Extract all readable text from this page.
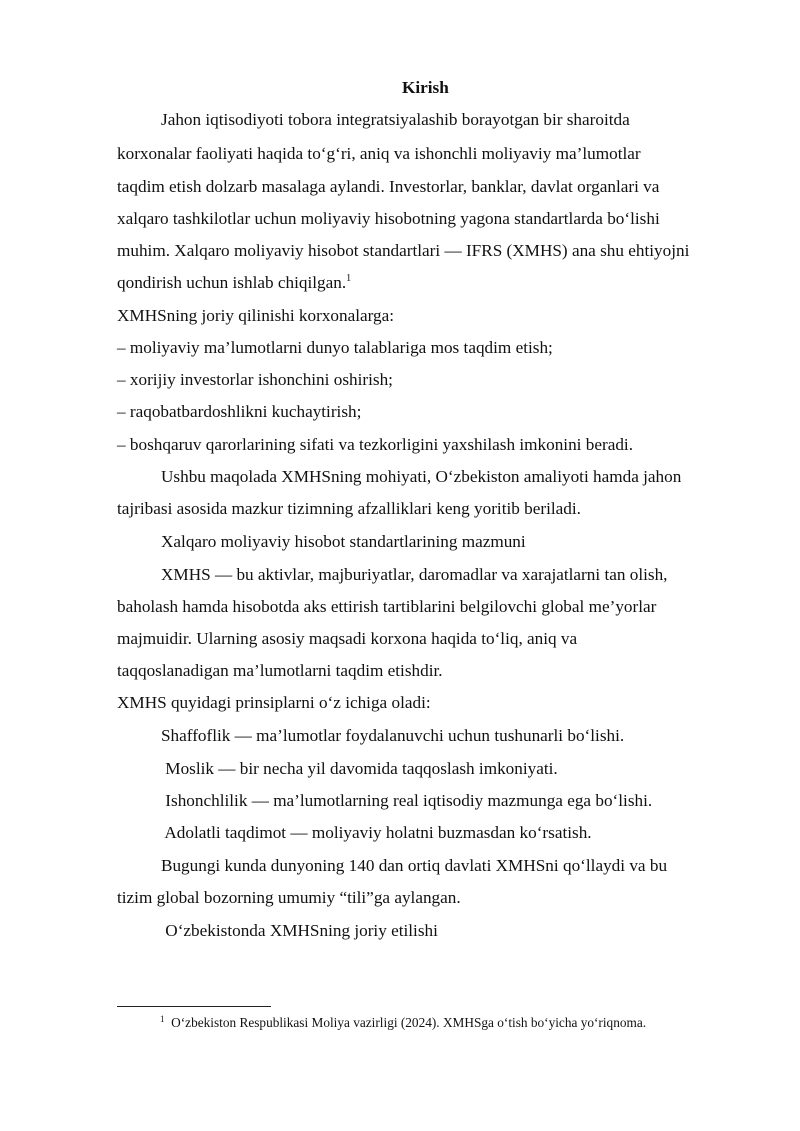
Kirish
Jahon iqtisodiyoti tobora integratsiyalashib borayotgan bir sharoitda
korxonalar faoliyati haqida to‘g‘ri, aniq va ishonchli moliyaviy ma’lumotlar
taqdim etish dolzarb masalaga aylandi. Investorlar, banklar, davlat organlari va
xalqaro tashkilotlar uchun moliyaviy hisobotning yagona standartlarda bo‘lishi
muhim. Xalqaro moliyaviy hisobot standartlari — IFRS (XMHS) ana shu ehtiyojni
qondirish uchun ishlab chiqilgan.$^1$
XMHSning joriy qilinishi korxonalarga:
– moliyaviy ma’lumotlarni dunyo talablariga mos taqdim etish;
– xorijiy investorlar ishonchini oshirish;
– raqobatbardoshlikni kuchaytirish;
– boshqaruv qarorlarining sifati va tezkorligini yaxshilash imkonini beradi.
Ushbu maqolada XMHSning mohiyati, O‘zbekiston amaliyoti hamda jahon
tajribasi asosida mazkur tizimning afzalliklari keng yoritib beriladi.
Xalqaro moliyaviy hisobot standartlarining mazmuni
XMHS — bu aktivlar, majburiyatlar, daromadlar va xarajatlarni tan olish,
baholash hamda hisobotda aks ettirish tartiblarini belgilovchi global me’yorlar
majmuidir. Ularning asosiy maqsadi korxona haqida to‘liq, aniq va
taqqoslanadigan ma’lumotlarni taqdim etishdir.
XMHS quyidagi prinsiplarni o‘z ichiga oladi:
Shaffoflik — ma’lumotlar foydalanuvchi uchun tushunarli bo‘lishi.
Moslik — bir necha yil davomida taqqoslash imkoniyati.
Ishonchlilik — ma’lumotlarning real iqtisodiy mazmunga ega bo‘lishi.
Adolatli taqdimot — moliyaviy holatni buzmasdan ko‘rsatish.
Bugungi kunda dunyoning 140 dan ortiq davlati XMHSni qo‘llaydi va bu
tizim global bozorning umumiy “tili”ga aylangan.
O‘zbekistonda XMHSning joriy etilishi
$^1$ O‘zbekiston Respublikasi Moliya vazirligi (2024). XMHSga o‘tish bo‘yicha yo‘riqnoma.
